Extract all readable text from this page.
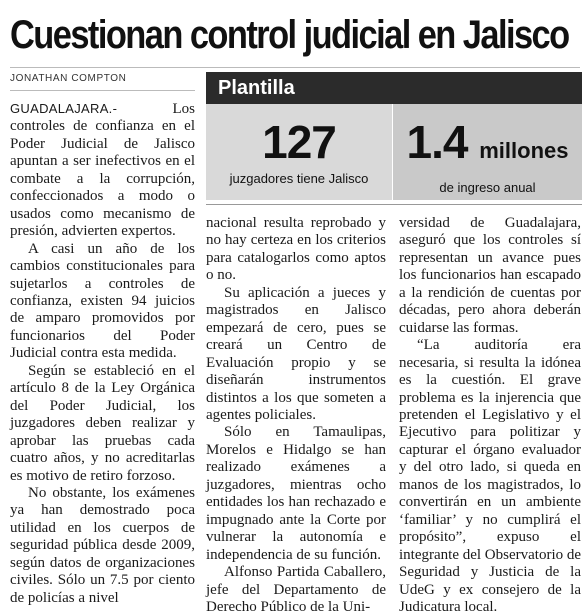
Cuestionan control judicial en Jalisco
JONATHAN COMPTON	Plantilla
127
juzgadores tiene Jalisco
1.4 millones
de ingreso anual

GUADALAJARA.- Los controles de confianza en el Poder Judicial de Jalisco apuntan a ser inefectivos en el combate a la corrupción, confeccionados a modo o usados como mecanismo de presión, advierten expertos.

A casi un año de los cambios constitucionales para sujetarlos a controles de confianza, existen 94 juicios de amparo promovidos por funcionarios del Poder Judicial contra esta medida.

Según se estableció en el artículo 8 de la Ley Orgánica del Poder Judicial, los juzgadores deben realizar y aprobar las pruebas cada cuatro años, y no acreditarlas es motivo de retiro forzoso.

No obstante, los exámenes ya han demostrado poca utilidad en los cuerpos de seguridad pública desde 2009, según datos de organizaciones civiles. Sólo un 7.5 por ciento de policías a nivel

nacional resulta reprobado y no hay certeza en los criterios para catalogarlos como aptos o no.

Su aplicación a jueces y magistrados en Jalisco empezará de cero, pues se creará un Centro de Evaluación propio y se diseñarán instrumentos distintos a los que someten a agentes policiales.

Sólo en Tamaulipas, Morelos e Hidalgo se han realizado exámenes a juzgadores, mientras ocho entidades los han rechazado e impugnado ante la Corte por vulnerar la autonomía e independencia de su función.

Alfonso Partida Caballero, jefe del Departamento de Derecho Público de la Uni-

versidad de Guadalajara, aseguró que los controles sí representan un avance pues los funcionarios han escapado a la rendición de cuentas por décadas, pero ahora deberán cuidarse las formas.

“La auditoría era necesaria, si resulta la idónea es la cuestión. El grave problema es la injerencia que pretenden el Legislativo y el Ejecutivo para politizar y capturar el órgano evaluador y del otro lado, si queda en manos de los magistrados, lo convertirán en un ambiente ‘familiar’ y no cumplirá el propósito”, expuso el integrante del Observatorio de Seguridad y Justicia de la UdeG y ex consejero de la Judicatura local.
